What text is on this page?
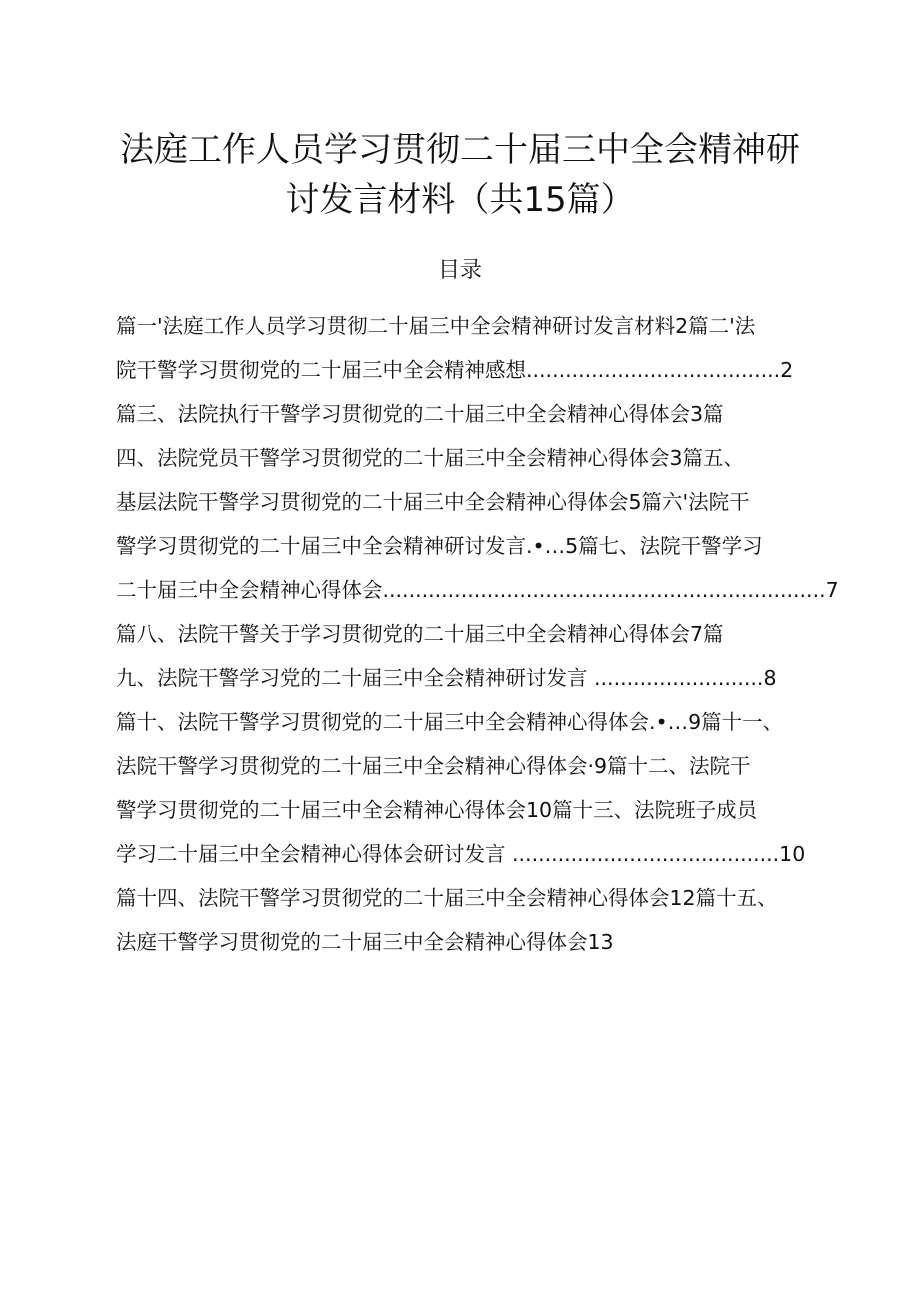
法庭工作人员学习贯彻二十届三中全会精神研
讨发言材料（共15篇）
目录
篇一'法庭工作人员学习贯彻二十届三中全会精神研讨发言材料2篇二'法
院干警学习贯彻党的二十届三中全会精神感想.......................................2
篇三、法院执行干警学习贯彻党的二十届三中全会精神心得体会3篇
四、法院党员干警学习贯彻党的二十届三中全会精神心得体会3篇五、
基层法院干警学习贯彻党的二十届三中全会精神心得体会5篇六'法院干
警学习贯彻党的二十届三中全会精神研讨发言.•…5篇七、法院干警学习
二十届三中全会精神心得体会....................................................................7
篇八、法院干警关于学习贯彻党的二十届三中全会精神心得体会7篇
九、法院干警学习党的二十届三中全会精神研讨发言 ..........................8
篇十、法院干警学习贯彻党的二十届三中全会精神心得体会.•…9篇十一、
法院干警学习贯彻党的二十届三中全会精神心得体会·9篇十二、法院干
警学习贯彻党的二十届三中全会精神心得体会10篇十三、法院班子成员
学习二十届三中全会精神心得体会研讨发言 .........................................10
篇十四、法院干警学习贯彻党的二十届三中全会精神心得体会12篇十五、
法庭干警学习贯彻党的二十届三中全会精神心得体会13
